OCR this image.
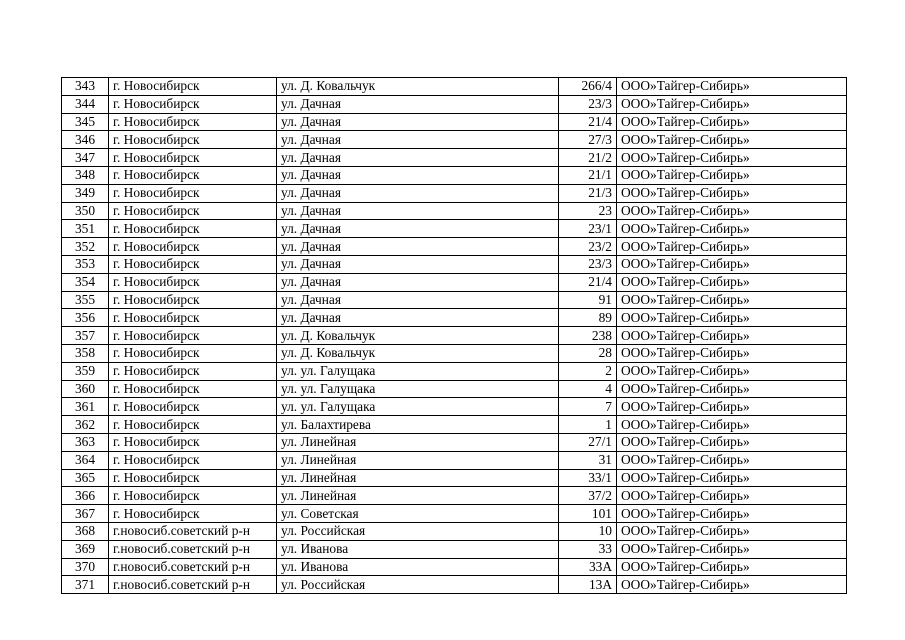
343	г. Новосибирск	ул. Д. Ковальчук	266/4	ООО»Тайгер-Сибирь»
344	г. Новосибирск	ул. Дачная	23/3	ООО»Тайгер-Сибирь»
345	г. Новосибирск	ул. Дачная	21/4	ООО»Тайгер-Сибирь»
346	г. Новосибирск	ул. Дачная	27/3	ООО»Тайгер-Сибирь»
347	г. Новосибирск	ул. Дачная	21/2	ООО»Тайгер-Сибирь»
348	г. Новосибирск	ул. Дачная	21/1	ООО»Тайгер-Сибирь»
349	г. Новосибирск	ул. Дачная	21/3	ООО»Тайгер-Сибирь»
350	г. Новосибирск	ул. Дачная	23	ООО»Тайгер-Сибирь»
351	г. Новосибирск	ул. Дачная	23/1	ООО»Тайгер-Сибирь»
352	г. Новосибирск	ул. Дачная	23/2	ООО»Тайгер-Сибирь»
353	г. Новосибирск	ул. Дачная	23/3	ООО»Тайгер-Сибирь»
354	г. Новосибирск	ул. Дачная	21/4	ООО»Тайгер-Сибирь»
355	г. Новосибирск	ул. Дачная	91	ООО»Тайгер-Сибирь»
356	г. Новосибирск	ул. Дачная	89	ООО»Тайгер-Сибирь»
357	г. Новосибирск	ул. Д. Ковальчук	238	ООО»Тайгер-Сибирь»
358	г. Новосибирск	ул. Д. Ковальчук	28	ООО»Тайгер-Сибирь»
359	г. Новосибирск	ул. ул. Галущака	2	ООО»Тайгер-Сибирь»
360	г. Новосибирск	ул. ул. Галущака	4	ООО»Тайгер-Сибирь»
361	г. Новосибирск	ул. ул. Галущака	7	ООО»Тайгер-Сибирь»
362	г. Новосибирск	ул. Балахтирева	1	ООО»Тайгер-Сибирь»
363	г. Новосибирск	ул. Линейная	27/1	ООО»Тайгер-Сибирь»
364	г. Новосибирск	ул. Линейная	31	ООО»Тайгер-Сибирь»
365	г. Новосибирск	ул. Линейная	33/1	ООО»Тайгер-Сибирь»
366	г. Новосибирск	ул. Линейная	37/2	ООО»Тайгер-Сибирь»
367	г. Новосибирск	ул. Советская	101	ООО»Тайгер-Сибирь»
368	г.новосиб.советский р-н	ул. Российская	10	ООО»Тайгер-Сибирь»
369	г.новосиб.советский р-н	ул. Иванова	33	ООО»Тайгер-Сибирь»
370	г.новосиб.советский р-н	ул. Иванова	33А	ООО»Тайгер-Сибирь»
371	г.новосиб.советский р-н	ул. Российская	13А	ООО»Тайгер-Сибирь»
